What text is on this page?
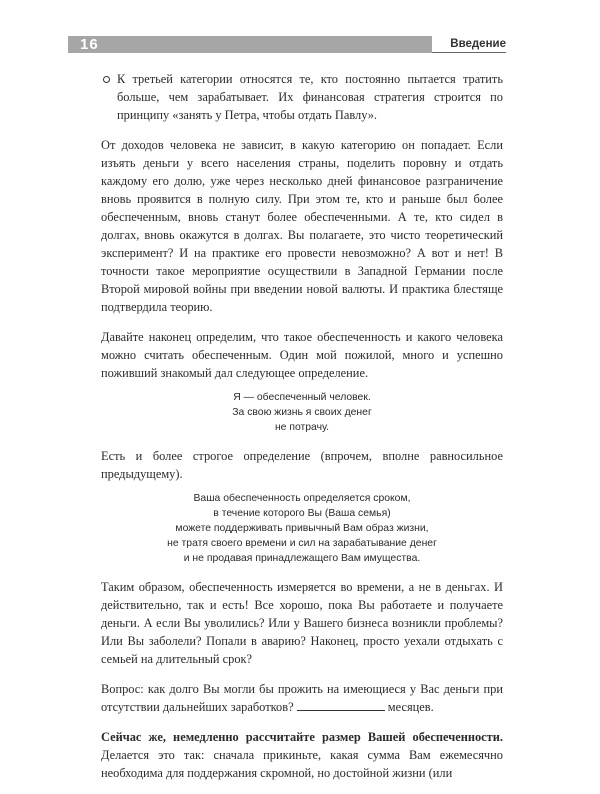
16	Введение

К третьей категории относятся те, кто постоянно пытается тратить больше, чем зарабатывает. Их финансовая стратегия строится по принципу «занять у Петра, чтобы отдать Павлу».

От доходов человека не зависит, в какую категорию он попадает. Если изъять деньги у всего населения страны, поделить поровну и отдать каждому его долю, уже через несколько дней финансовое разграничение вновь проявится в полную силу. При этом те, кто и раньше был более обеспеченным, вновь станут более обеспеченными. А те, кто сидел в долгах, вновь окажутся в долгах. Вы полагаете, это чисто теоретический эксперимент? И на практике его провести невозможно? А вот и нет! В точности такое мероприятие осуществили в Западной Германии после Второй мировой войны при введении новой валюты. И практика блестяще подтвердила теорию.

Давайте наконец определим, что такое обеспеченность и какого человека можно считать обеспеченным. Один мой пожилой, много и успешно поживший знакомый дал следующее определение.

Я — обеспеченный человек.
За свою жизнь я своих денег
не потрачу.

Есть и более строгое определение (впрочем, вполне равносильное предыдущему).

Ваша обеспеченность определяется сроком,
в течение которого Вы (Ваша семья)
можете поддерживать привычный Вам образ жизни,
не тратя своего времени и сил на зарабатывание денег
и не продавая принадлежащего Вам имущества.

Таким образом, обеспеченность измеряется во времени, а не в деньгах. И действительно, так и есть! Все хорошо, пока Вы работаете и получаете деньги. А если Вы уволились? Или у Вашего бизнеса возникли проблемы? Или Вы заболели? Попали в аварию? Наконец, просто уехали отдыхать с семьей на длительный срок?

Вопрос: как долго Вы могли бы прожить на имеющиеся у Вас деньги при отсутствии дальнейших заработков?	месяцев.

Сейчас же, немедленно рассчитайте размер Вашей обеспеченности. Делается это так: сначала прикиньте, какая сумма Вам ежемесячно необходима для поддержания скромной, но достойной жизни (или
